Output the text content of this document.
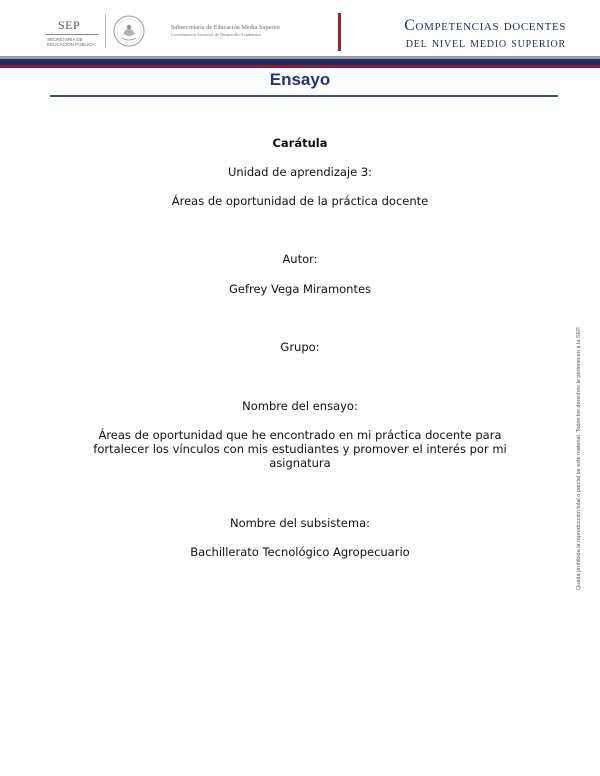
SEP
SECRETARÍA DE
EDUCACIÓN PÚBLICA
Subsecretaría de Educación Media Superior
Coordinación Sectorial de Desarrollo Académico
Competencias docentes
del nivel medio superior
Ensayo
Carátula
Unidad de aprendizaje 3:
Áreas de oportunidad de la práctica docente
Autor:
Gefrey Vega Miramontes
Grupo:
Nombre del ensayo:
Áreas de oportunidad que he encontrado en mi práctica docente para fortalecer los vínculos con mis estudiantes y promover el interés por mi asignatura
Nombre del subsistema:
Bachillerato Tecnológico Agropecuario	Queda prohibida la reproducción total o parcial de este material. Todos los derechos le pertenecen a la SEP.
